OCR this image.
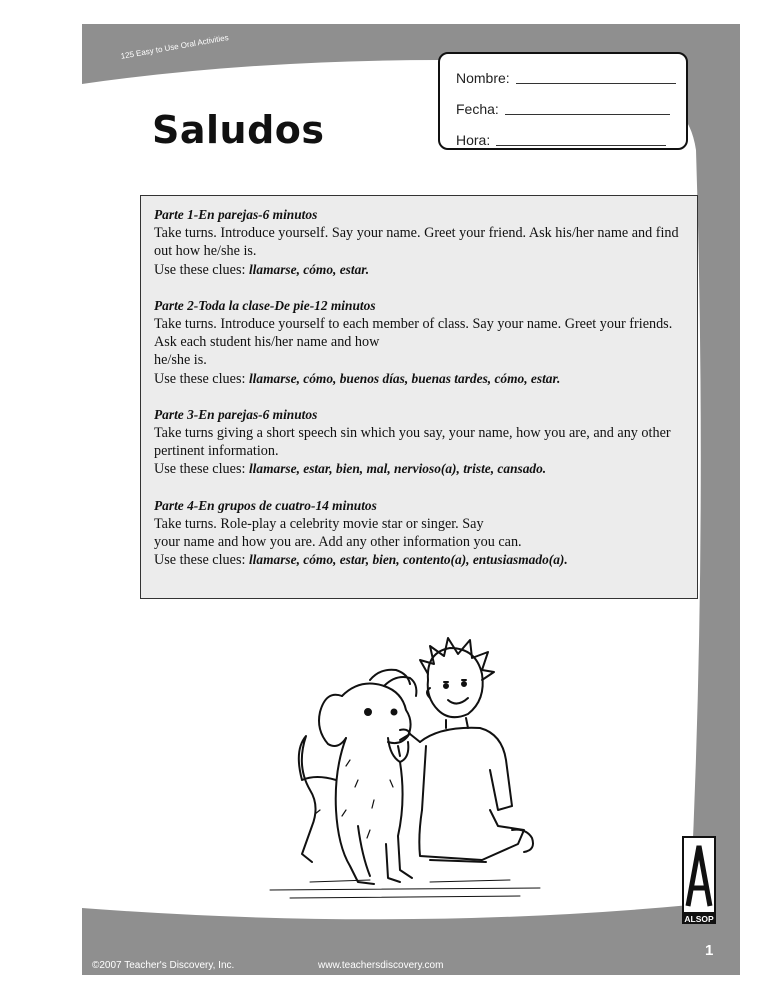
125 Easy to Use Oral Activities
Saludos
Nombre:
Fecha:
Hora:
Parte 1-En parejas-6 minutos
Take turns. Introduce yourself. Say your name. Greet your friend. Ask his/her name and find out how he/she is.
Use these clues: llamarse, cómo, estar.
Parte 2-Toda la clase-De pie-12 minutos
Take turns. Introduce yourself to each member of class. Say your name. Greet your friends. Ask each student his/her name and how
he/she is.
Use these clues: llamarse, cómo, buenos días, buenas tardes, cómo, estar.
Parte 3-En parejas-6 minutos
Take turns giving a short speech sin which you say, your name, how you are, and any other pertinent information.
Use these clues: llamarse, estar, bien, mal, nervioso(a), triste, cansado.
Parte 4-En grupos de cuatro-14 minutos
Take turns. Role-play a celebrity movie star or singer. Say
your name and how you are. Add any other information you can.
Use these clues: llamarse, cómo, estar, bien, contento(a), entusiasmado(a).
ALSOP
©2007 Teacher's Discovery, Inc.	www.teachersdiscovery.com
1
